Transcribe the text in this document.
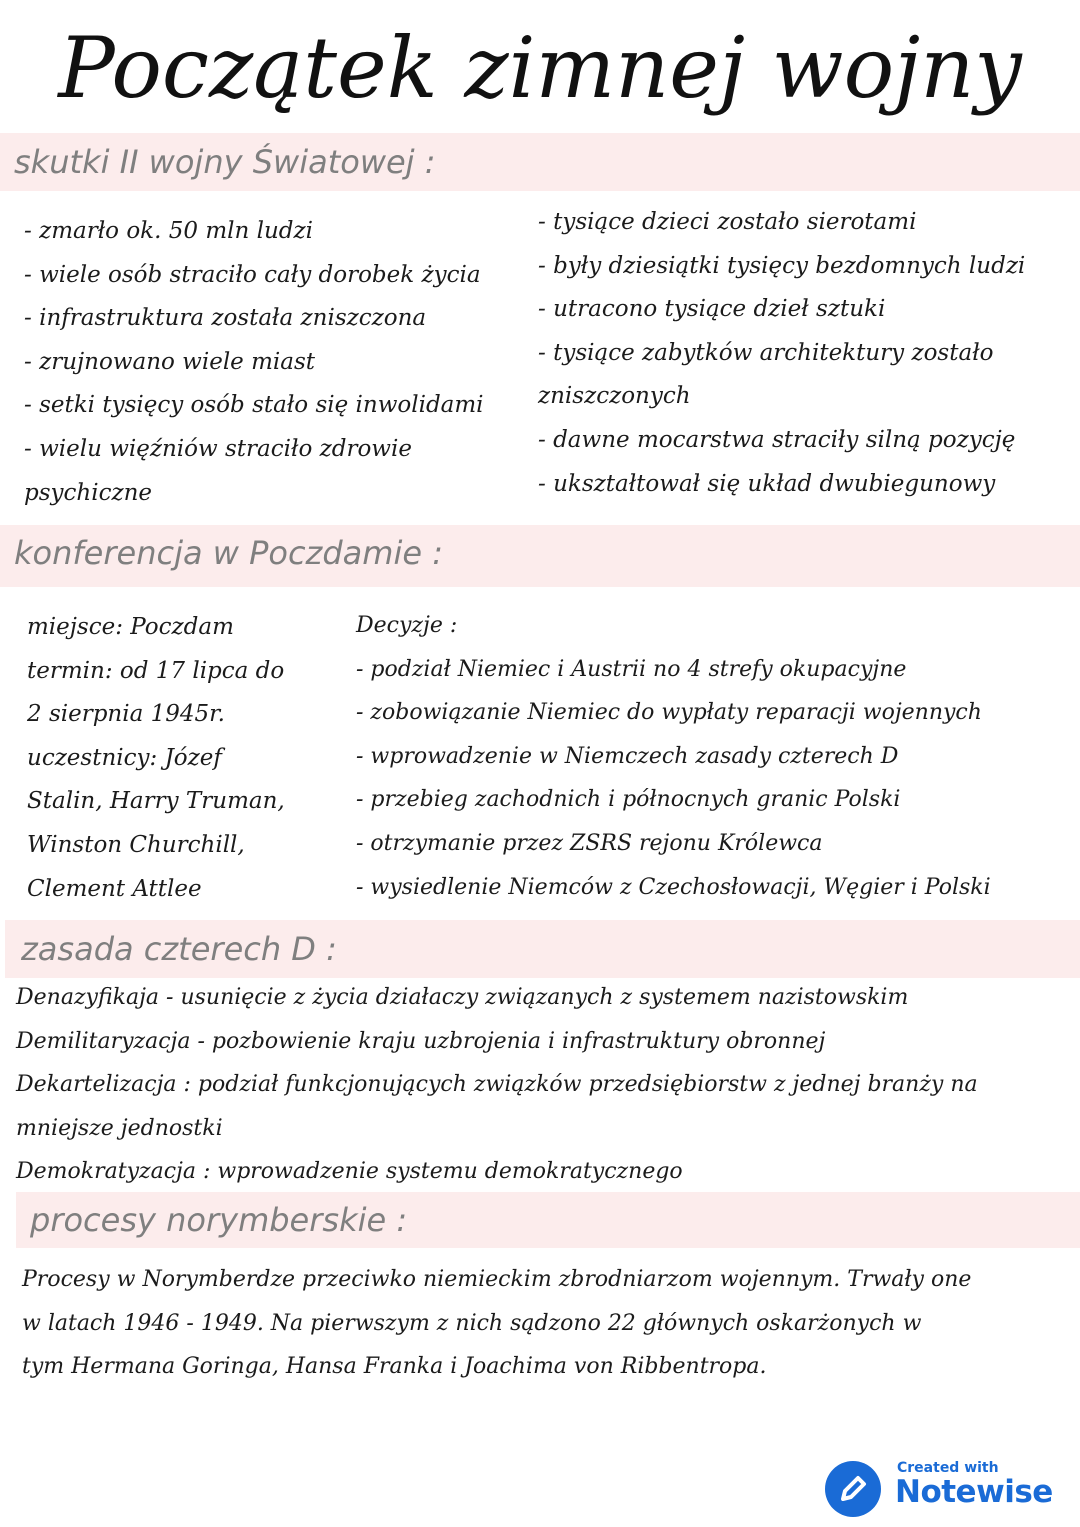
Początek zimnej wojny
skutki II wojny Światowej :
- zmarło ok. 50 mln ludzi
- wiele osób straciło cały dorobek życia
- infrastruktura została zniszczona
- zrujnowano wiele miast
- setki tysięcy osób stało się inwolidami
- wielu więźniów straciło zdrowie
psychiczne
- tysiące dzieci zostało sierotami
- były dziesiątki tysięcy bezdomnych ludzi
- utracono tysiące dzieł sztuki
- tysiące zabytków architektury zostało
zniszczonych
- dawne mocarstwa straciły silną pozycję
- ukształtował się układ dwubiegunowy
konferencja w Poczdamie :
miejsce: Poczdam
termin: od 17 lipca do
2 sierpnia 1945r.
uczestnicy: Józef
Stalin, Harry Truman,
Winston Churchill,
Clement Attlee
Decyzje :
- podział Niemiec i Austrii no 4 strefy okupacyjne
- zobowiązanie Niemiec do wypłaty reparacji wojennych
- wprowadzenie w Niemczech zasady czterech D
- przebieg zachodnich i północnych granic Polski
- otrzymanie przez ZSRS rejonu Królewca
- wysiedlenie Niemców z Czechosłowacji, Węgier i Polski
zasada czterech D :
Denazyfikaja - usunięcie z życia działaczy związanych z systemem nazistowskim
Demilitaryzacja - pozbowienie kraju uzbrojenia i infrastruktury obronnej
Dekartelizacja : podział funkcjonujących związków przedsiębiorstw z jednej branży na
mniejsze jednostki
Demokratyzacja : wprowadzenie systemu demokratycznego
procesy norymberskie :
Procesy w Norymberdze przeciwko niemieckim zbrodniarzom wojennym. Trwały one
w latach 1946 - 1949. Na pierwszym z nich sądzono 22 głównych oskarżonych w
tym Hermana Goringa, Hansa Franka i Joachima von Ribbentropa.
Created with
Notewise
